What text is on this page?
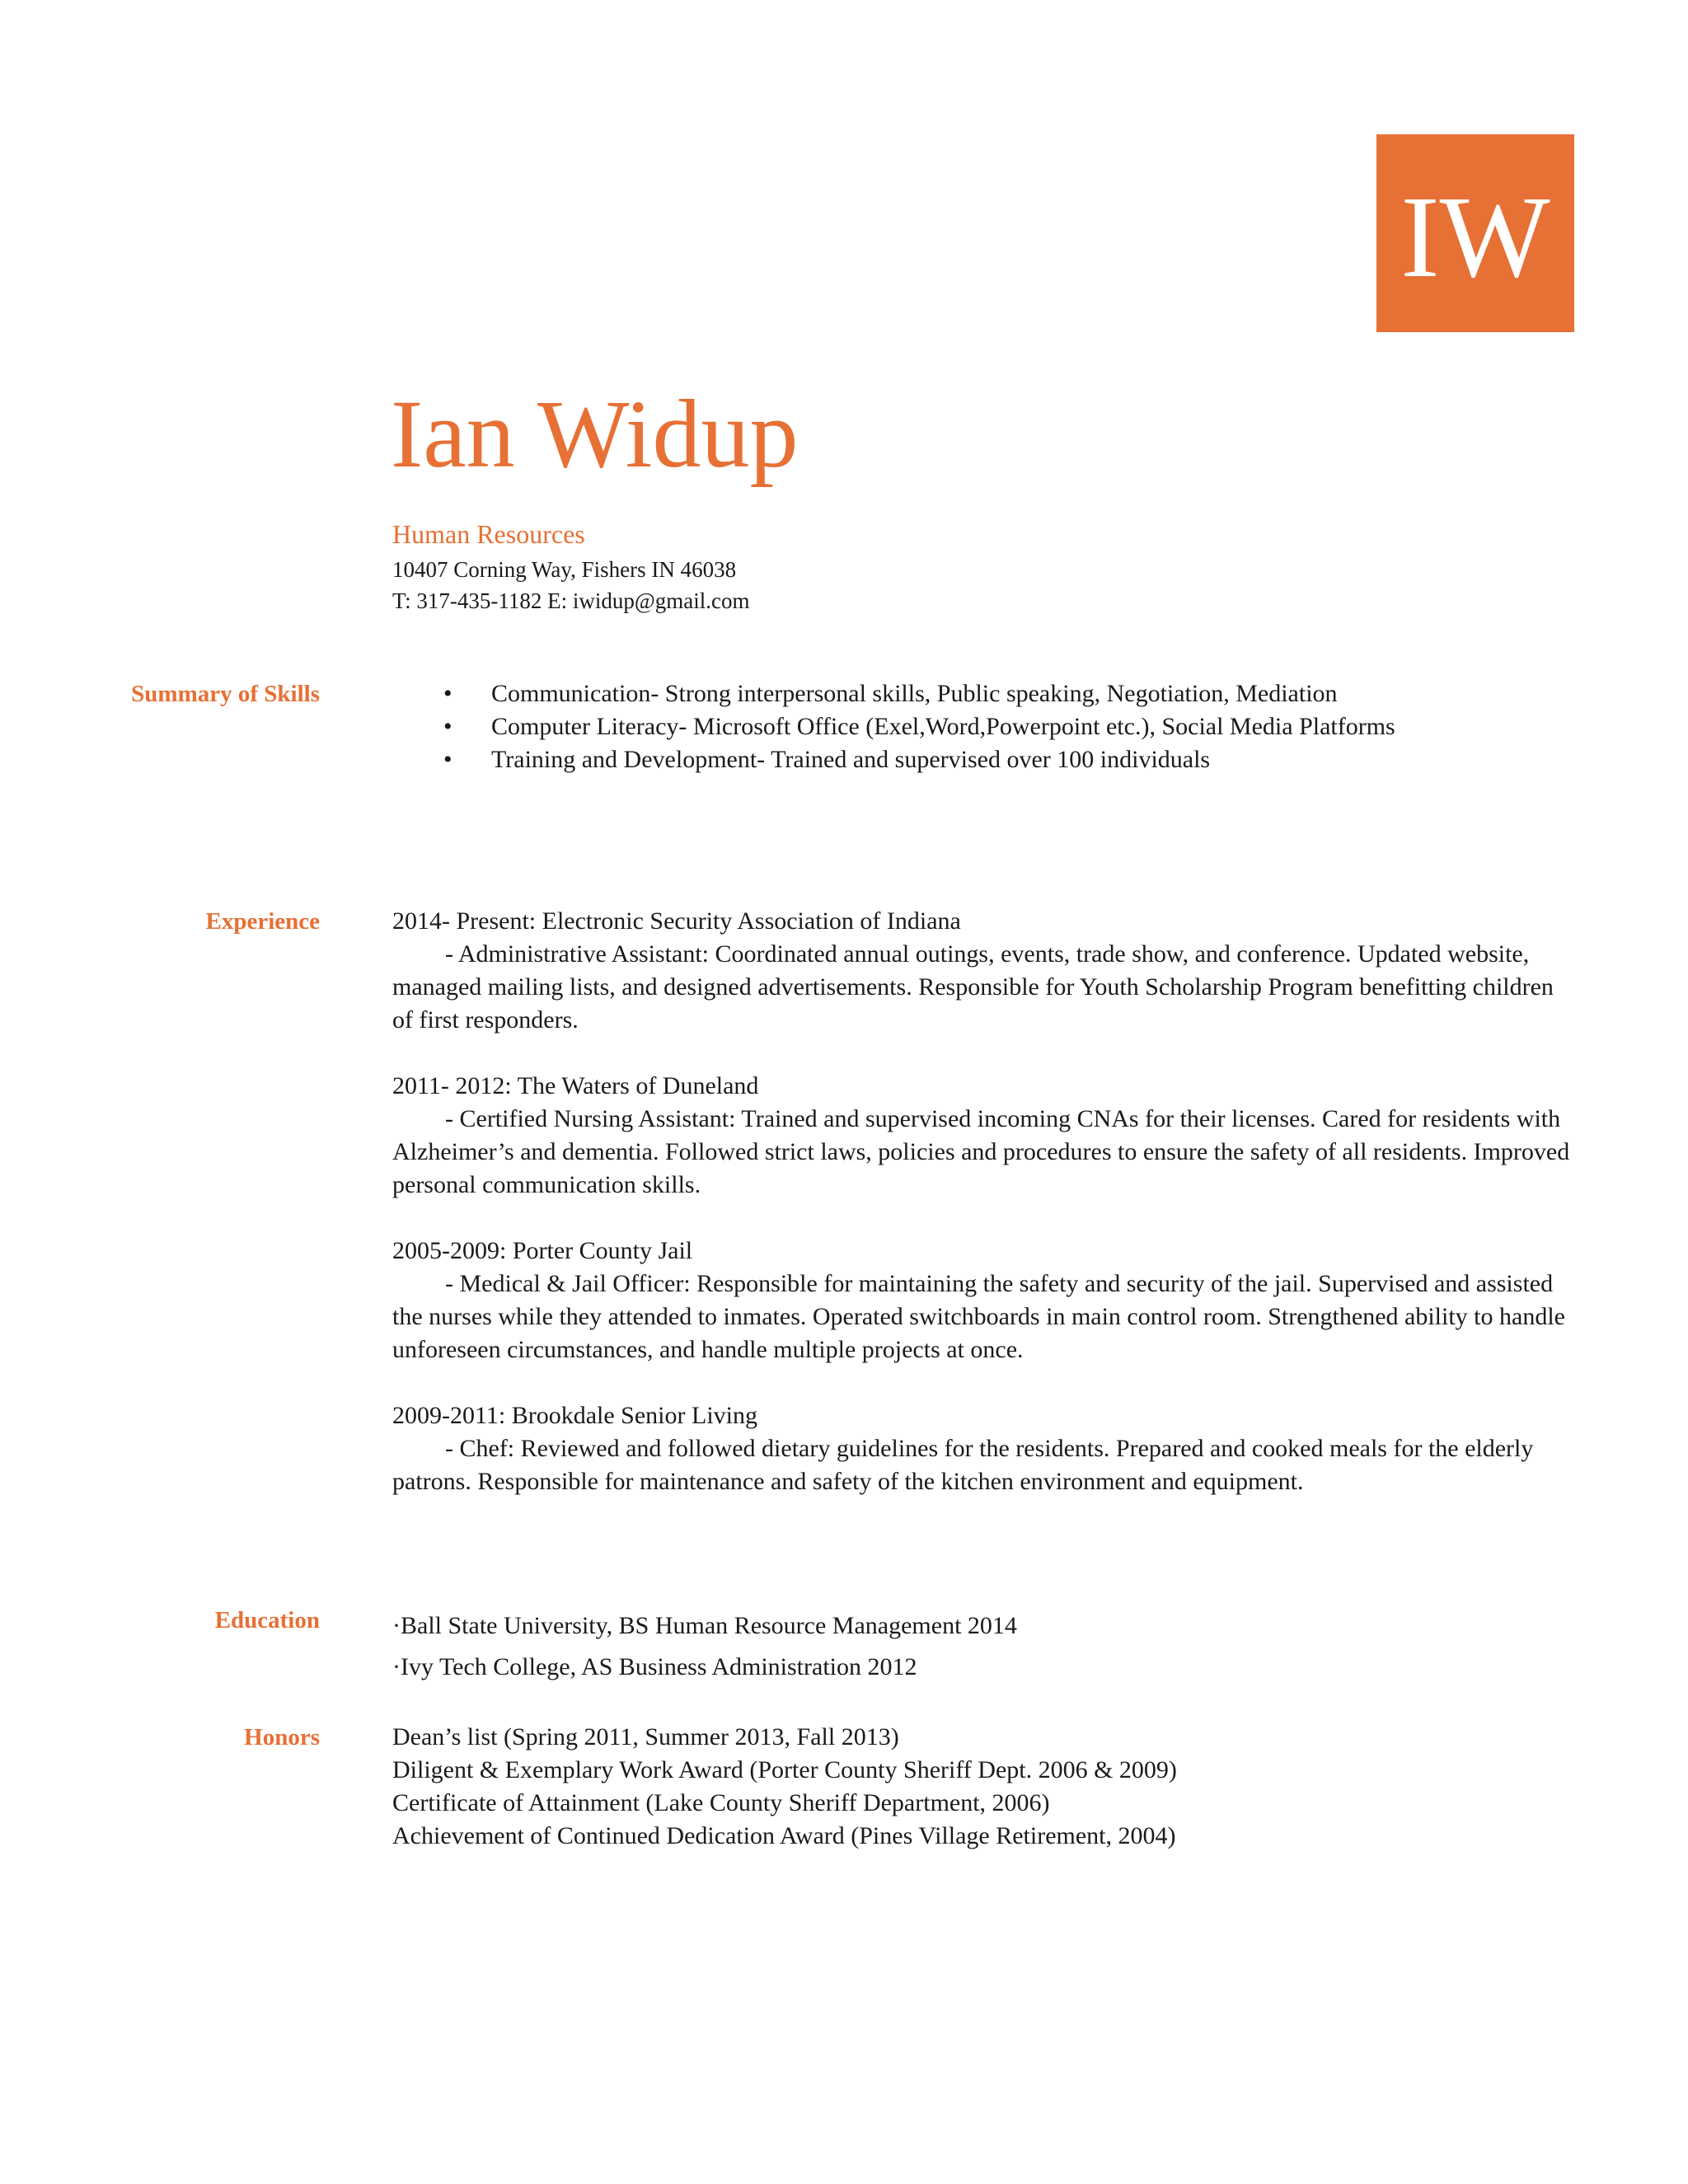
IW
Ian Widup
Human Resources
10407 Corning Way, Fishers IN 46038
T: 317-435-1182 E: iwidup@gmail.com
Summary of Skills	• Communication- Strong interpersonal skills, Public speaking, Negotiation, Mediation
• Computer Literacy- Microsoft Office (Exel,Word,Powerpoint etc.), Social Media Platforms
• Training and Development- Trained and supervised over 100 individuals
Experience	2014- Present: Electronic Security Association of Indiana
- Administrative Assistant: Coordinated annual outings, events, trade show, and conference. Updated website, managed mailing lists, and designed advertisements. Responsible for Youth Scholarship Program benefitting children of first responders.
2011- 2012: The Waters of Duneland
- Certified Nursing Assistant: Trained and supervised incoming CNAs for their licenses. Cared for residents with Alzheimer’s and dementia. Followed strict laws, policies and procedures to ensure the safety of all residents. Improved personal communication skills.
2005-2009: Porter County Jail
- Medical & Jail Officer: Responsible for maintaining the safety and security of the jail. Supervised and assisted the nurses while they attended to inmates. Operated switchboards in main control room. Strengthened ability to handle unforeseen circumstances, and handle multiple projects at once.
2009-2011: Brookdale Senior Living
- Chef: Reviewed and followed dietary guidelines for the residents. Prepared and cooked meals for the elderly patrons. Responsible for maintenance and safety of the kitchen environment and equipment.
Education	·Ball State University, BS Human Resource Management 2014
·Ivy Tech College, AS Business Administration 2012
Honors	Dean’s list (Spring 2011, Summer 2013, Fall 2013)
Diligent & Exemplary Work Award (Porter County Sheriff Dept. 2006 & 2009)
Certificate of Attainment (Lake County Sheriff Department, 2006)
Achievement of Continued Dedication Award (Pines Village Retirement, 2004)
